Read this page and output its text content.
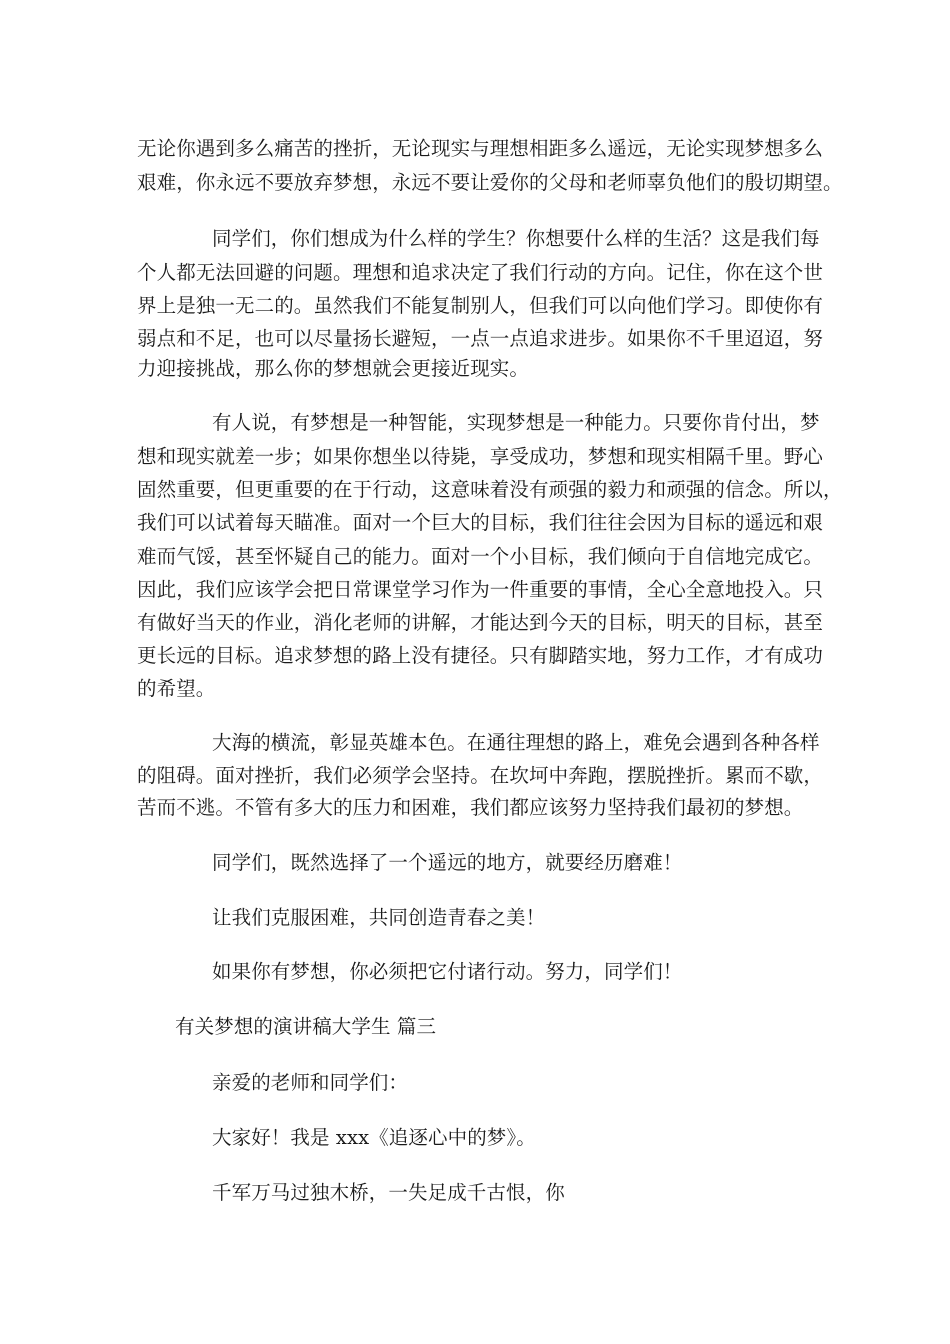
无论你遇到多么痛苦的挫折，无论现实与理想相距多么遥远，无论实现梦想多么
艰难，你永远不要放弃梦想，永远不要让爱你的父母和老师辜负他们的殷切期望。
同学们，你们想成为什么样的学生？你想要什么样的生活？这是我们每
个人都无法回避的问题。理想和追求决定了我们行动的方向。记住，你在这个世
界上是独一无二的。虽然我们不能复制别人，但我们可以向他们学习。即使你有
弱点和不足，也可以尽量扬长避短，一点一点追求进步。如果你不千里迢迢，努
力迎接挑战，那么你的梦想就会更接近现实。
有人说，有梦想是一种智能，实现梦想是一种能力。只要你肯付出，梦
想和现实就差一步；如果你想坐以待毙，享受成功，梦想和现实相隔千里。野心
固然重要，但更重要的在于行动，这意味着没有顽强的毅力和顽强的信念。所以，
我们可以试着每天瞄准。面对一个巨大的目标，我们往往会因为目标的遥远和艰
难而气馁，甚至怀疑自己的能力。面对一个小目标，我们倾向于自信地完成它。
因此，我们应该学会把日常课堂学习作为一件重要的事情，全心全意地投入。只
有做好当天的作业，消化老师的讲解，才能达到今天的目标，明天的目标，甚至
更长远的目标。追求梦想的路上没有捷径。只有脚踏实地，努力工作，才有成功
的希望。
大海的横流，彰显英雄本色。在通往理想的路上，难免会遇到各种各样
的阻碍。面对挫折，我们必须学会坚持。在坎坷中奔跑，摆脱挫折。累而不歇，
苦而不逃。不管有多大的压力和困难，我们都应该努力坚持我们最初的梦想。
同学们，既然选择了一个遥远的地方，就要经历磨难！
让我们克服困难，共同创造青春之美！
如果你有梦想，你必须把它付诸行动。努力，同学们！
有关梦想的演讲稿大学生 篇三
亲爱的老师和同学们：
大家好！我是 xxx《追逐心中的梦》。
千军万马过独木桥，一失足成千古恨，你
